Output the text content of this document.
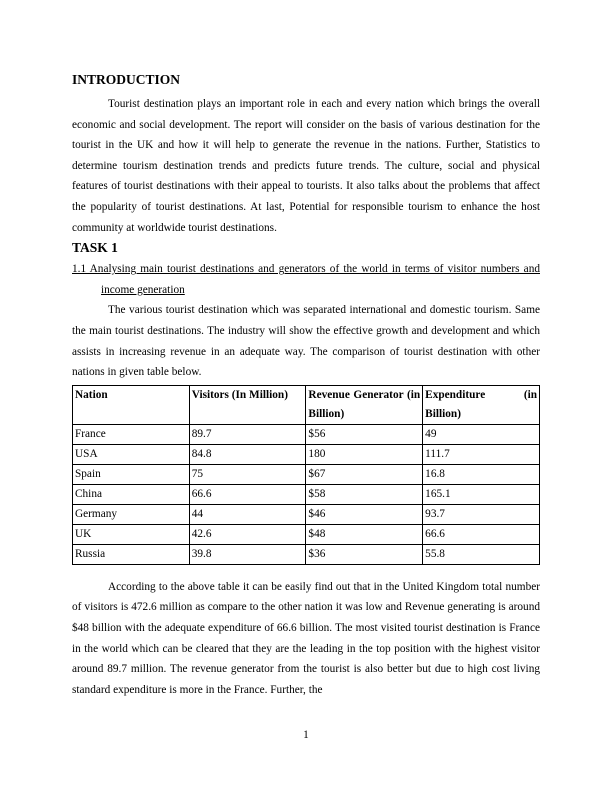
INTRODUCTION

Tourist destination plays an important role in each and every nation which brings the overall economic and social development. The report will consider on the basis of various destination for the tourist in the UK and how it will help to generate the revenue in the nations. Further, Statistics to determine tourism destination trends and predicts future trends. The culture, social and physical features of tourist destinations with their appeal to tourists. It also talks about the problems that affect the popularity of tourist destinations. At last, Potential for responsible tourism to enhance the host community at worldwide tourist destinations.

TASK 1

1.1 Analysing main tourist destinations and generators of the world in terms of visitor numbers and income generation

The various tourist destination which was separated international and domestic tourism. Same the main tourist destinations. The industry will show the effective growth and development and which assists in increasing revenue in an adequate way. The comparison of tourist destination with other nations in given table below.

Nation	Visitors (In Million)	Revenue Generator (in Billion)	Expenditure (in Billion)
France	89.7	$56	49
USA	84.8	180	111.7
Spain	75	$67	16.8
China	66.6	$58	165.1
Germany	44	$46	93.7
UK	42.6	$48	66.6
Russia	39.8	$36	55.8

According to the above table it can be easily find out that in the United Kingdom total number of visitors is 472.6 million as compare to the other nation it was low and Revenue generating is around $48 billion with the adequate expenditure of 66.6 billion. The most visited tourist destination is France in the world which can be cleared that they are the leading in the top position with the highest visitor around 89.7 million. The revenue generator from the tourist is also better but due to high cost living standard expenditure is more in the France. Further, the

1
